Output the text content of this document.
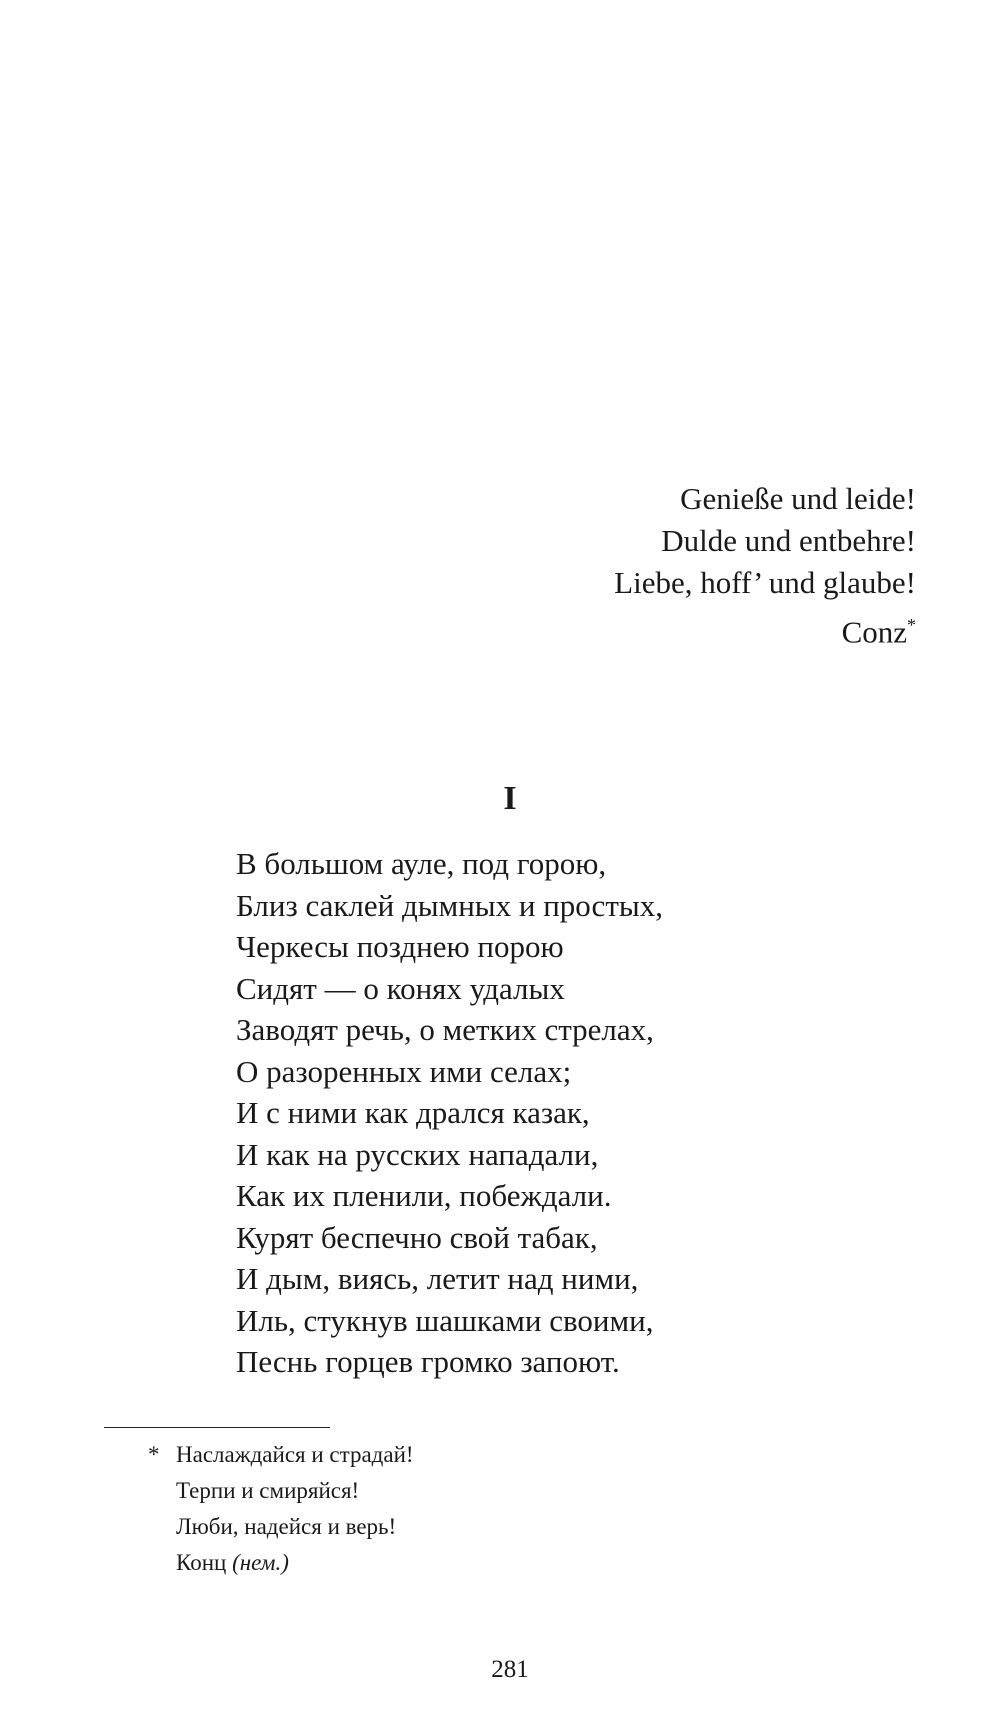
Genieße und leide!
Dulde und entbehre!
Liebe, hoff’ und glaube!
Conz*
I
В большом ауле, под горою,
Близ саклей дымных и простых,
Черкесы позднею порою
Сидят — о конях удалых
Заводят речь, о метких стрелах,
О разоренных ими селах;
И с ними как дрался казак,
И как на русских нападали,
Как их пленили, побеждали.
Курят беспечно свой табак,
И дым, виясь, летит над ними,
Иль, стукнув шашками своими,
Песнь горцев громко запоют.
* Наслаждайся и страдай!
Терпи и смиряйся!
Люби, надейся и верь!
Конц (нем.)
281
